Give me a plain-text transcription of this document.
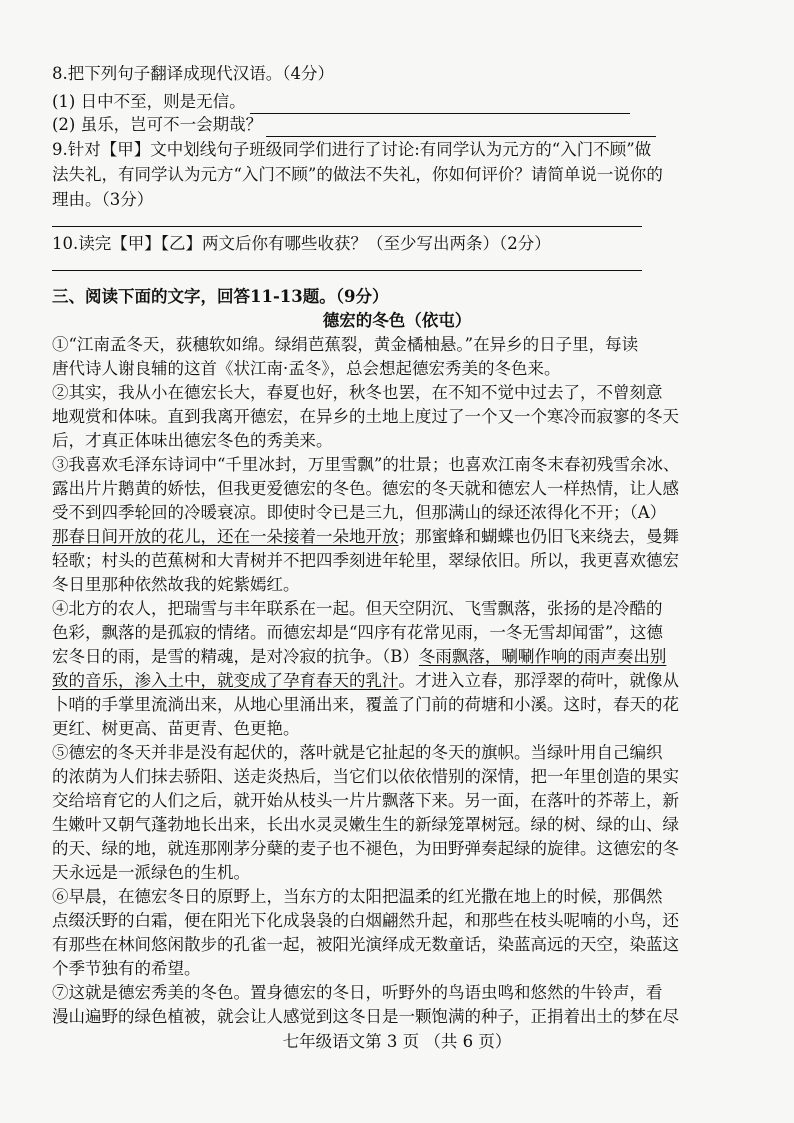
8.把下列句子翻译成现代汉语。（4分）
(1) 日中不至，则是无信。
(2) 虽乐，岂可不一会期哉？
9.针对【甲】文中划线句子班级同学们进行了讨论:有同学认为元方的“入门不顾”做
法失礼，有同学认为元方“入门不顾”的做法不失礼，你如何评价？请简单说一说你的
理由。（3分）
10.读完【甲】【乙】两文后你有哪些收获？（至少写出两条）（2分）
三、阅读下面的文字，回答11-13题。（9分）
德宏的冬色（依屯）
①“江南孟冬天，荻穗软如绵。绿绢芭蕉裂，黄金橘柚悬。”在异乡的日子里，每读
唐代诗人谢良辅的这首《状江南·孟冬》，总会想起德宏秀美的冬色来。
②其实，我从小在德宏长大，春夏也好，秋冬也罢，在不知不觉中过去了，不曾刻意
地观赏和体味。直到我离开德宏，在异乡的土地上度过了一个又一个寒冷而寂寥的冬天
后，才真正体味出德宏冬色的秀美来。
③我喜欢毛泽东诗词中“千里冰封，万里雪飘”的壮景；也喜欢江南冬末春初残雪余冰、
露出片片鹅黄的娇怯，但我更爱德宏的冬色。德宏的冬天就和德宏人一样热情，让人感
受不到四季轮回的冷暖衰凉。即使时令已是三九，但那满山的绿还浓得化不开；（A）
那春日间开放的花儿，还在一朵接着一朵地开放；那蜜蜂和蝴蝶也仍旧飞来绕去，曼舞
轻歌；村头的芭蕉树和大青树并不把四季刻进年轮里，翠绿依旧。所以，我更喜欢德宏
冬日里那种依然故我的姹紫嫣红。
④北方的农人，把瑞雪与丰年联系在一起。但天空阴沉、飞雪飘落，张扬的是冷酷的
色彩，飘落的是孤寂的情绪。而德宏却是“四序有花常见雨，一冬无雪却闻雷”，这德
宏冬日的雨，是雪的精魂，是对冷寂的抗争。（B）冬雨飘落，唰唰作响的雨声奏出别
致的音乐，渗入土中，就变成了孕育春天的乳汁。才进入立春，那浮翠的荷叶，就像从
卜哨的手掌里流淌出来，从地心里涌出来，覆盖了门前的荷塘和小溪。这时，春天的花
更红、树更高、苗更青、色更艳。
⑤德宏的冬天并非是没有起伏的，落叶就是它扯起的冬天的旗帜。当绿叶用自己编织
的浓荫为人们抹去骄阳、送走炎热后，当它们以依依惜别的深情，把一年里创造的果实
交给培育它的人们之后，就开始从枝头一片片飘落下来。另一面，在落叶的芥蒂上，新
生嫩叶又朝气蓬勃地长出来，长出水灵灵嫩生生的新绿笼罩树冠。绿的树、绿的山、绿
的天、绿的地，就连那刚茅分蘖的麦子也不褪色，为田野弹奏起绿的旋律。这德宏的冬
天永远是一派绿色的生机。
⑥早晨，在德宏冬日的原野上，当东方的太阳把温柔的红光撒在地上的时候，那偶然
点缀沃野的白霜，便在阳光下化成袅袅的白烟翩然升起，和那些在枝头呢喃的小鸟，还
有那些在林间悠闲散步的孔雀一起，被阳光演绎成无数童话，染蓝高远的天空，染蓝这
个季节独有的希望。
⑦这就是德宏秀美的冬色。置身德宏的冬日，听野外的鸟语虫鸣和悠然的牛铃声，看
漫山遍野的绿色植被，就会让人感觉到这冬日是一颗饱满的种子，正捐着出土的梦在尽
七年级语文第 3 页 （共 6 页）
